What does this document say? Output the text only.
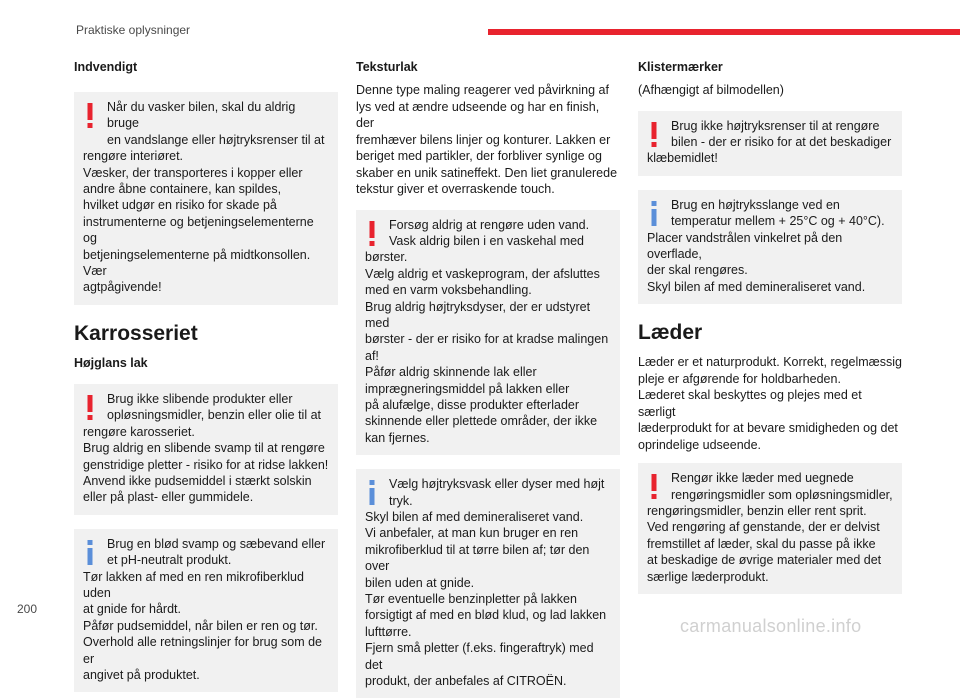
Praktiske oplysninger
Indvendigt
Når du vasker bilen, skal du aldrig bruge
en vandslange eller højtryksrenser til at
rengøre interiøret.
Væsker, der transporteres i kopper eller
andre åbne containere, kan spildes,
hvilket udgør en risiko for skade på
instrumenterne og betjeningselementerne og
betjeningselementerne på midtkonsollen. Vær
agtpågivende!
Karrosseriet
Højglans lak
Brug ikke slibende produkter eller
opløsningsmidler, benzin eller olie til at
rengøre karosseriet.
Brug aldrig en slibende svamp til at rengøre
genstridige pletter - risiko for at ridse lakken!
Anvend ikke pudsemiddel i stærkt solskin
eller på plast- eller gummidele.
Brug en blød svamp og sæbevand eller
et pH-neutralt produkt.
Tør lakken af med en ren mikrofiberklud uden
at gnide for hårdt.
Påfør pudsemiddel, når bilen er ren og tør.
Overhold alle retningslinjer for brug som de er
angivet på produktet.
Teksturlak
Denne type maling reagerer ved påvirkning af
lys ved at ændre udseende og har en finish, der
fremhæver bilens linjer og konturer. Lakken er
beriget med partikler, der forbliver synlige og
skaber en unik satineffekt. Den liet granulerede
tekstur giver et overraskende touch.
Forsøg aldrig at rengøre uden vand.
Vask aldrig bilen i en vaskehal med
børster.
Vælg aldrig et vaskeprogram, der afsluttes
med en varm voksbehandling.
Brug aldrig højtryksdyser, der er udstyret med
børster - der er risiko for at kradse malingen
af!
Påfør aldrig skinnende lak eller
imprægneringsmiddel på lakken eller
på alufælge, disse produkter efterlader
skinnende eller plettede områder, der ikke
kan fjernes.
Vælg højtryksvask eller dyser med højt
tryk.
Skyl bilen af med demineraliseret vand.
Vi anbefaler, at man kun bruger en ren
mikrofiberklud til at tørre bilen af; tør den over
bilen uden at gnide.
Tør eventuelle benzinpletter på lakken
forsigtigt af med en blød klud, og lad lakken
lufttørre.
Fjern små pletter (f.eks. fingeraftryk) med det
produkt, der anbefales af CITROËN.
Klistermærker
(Afhængigt af bilmodellen)
Brug ikke højtryksrenser til at rengøre
bilen - der er risiko for at det beskadiger
klæbemidlet!
Brug en højtryksslange ved en
temperatur mellem + 25°C og + 40°C).
Placer vandstrålen vinkelret på den overflade,
der skal rengøres.
Skyl bilen af med demineraliseret vand.
Læder
Læder er et naturprodukt. Korrekt, regelmæssig
pleje er afgørende for holdbarheden.
Læderet skal beskyttes og plejes med et særligt
læderprodukt for at bevare smidigheden og det
oprindelige udseende.
Rengør ikke læder med uegnede
rengøringsmidler som opløsningsmidler,
rengøringsmidler, benzin eller rent sprit.
Ved rengøring af genstande, der er delvist
fremstillet af læder, skal du passe på ikke
at beskadige de øvrige materialer med det
særlige læderprodukt.
200
carmanualsonline.info
